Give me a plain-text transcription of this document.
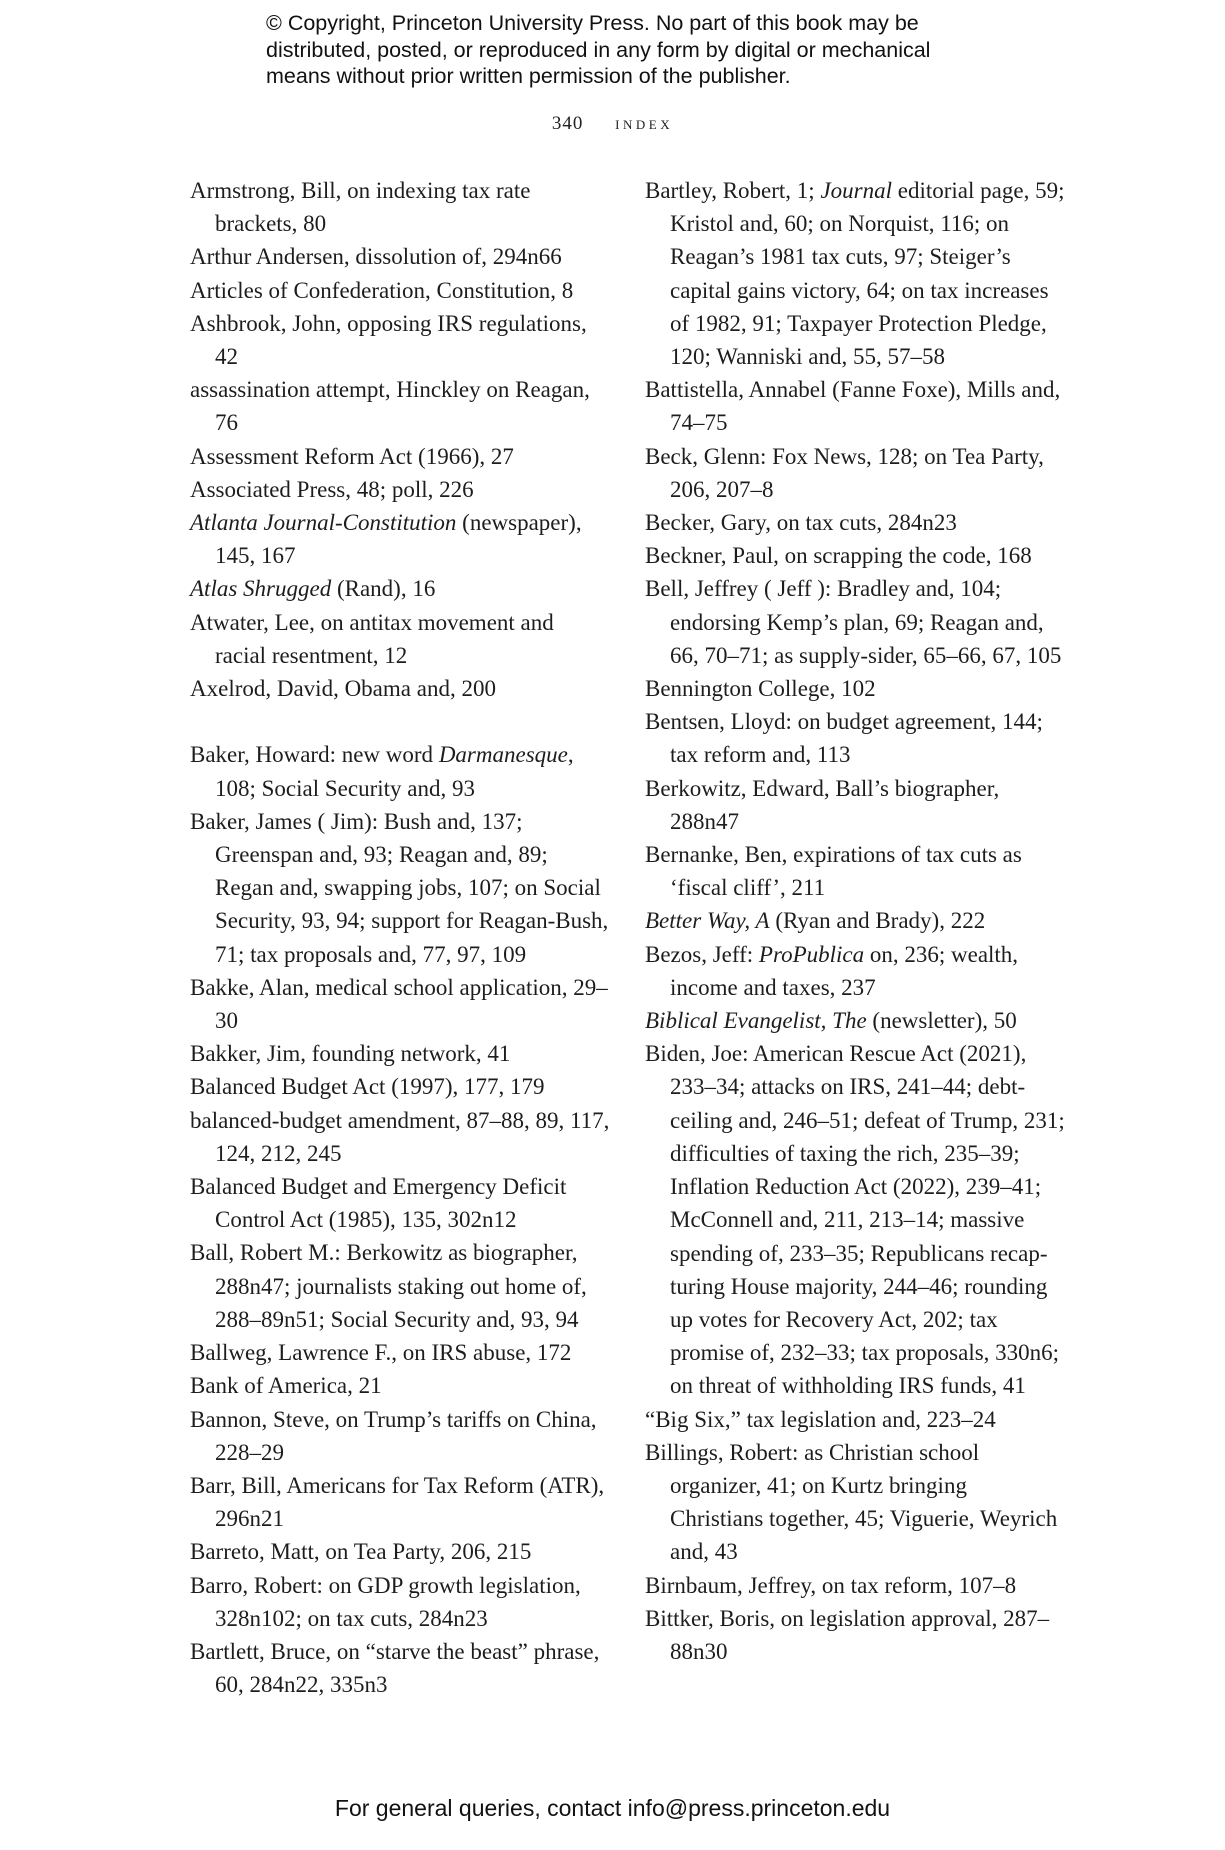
© Copyright, Princeton University Press. No part of this book may be
distributed, posted, or reproduced in any form by digital or mechanical
means without prior written permission of the publisher.
340 index

Armstrong, Bill, on indexing tax rate brackets, 80

Arthur Andersen, dissolution of, 294n66

Articles of Confederation, Constitution, 8

Ashbrook, John, opposing IRS regulations, 42

assassination attempt, Hinckley on Reagan, 76

Assessment Reform Act (1966), 27

Associated Press, 48; poll, 226

Atlanta Journal-Constitution (newspaper), 145, 167

Atlas Shrugged (Rand), 16

Atwater, Lee, on antitax movement and racial resentment, 12

Axelrod, David, Obama and, 200

Baker, Howard: new word Darmanesque, 108; Social Security and, 93

Baker, James ( Jim): Bush and, 137; Greenspan and, 93; Reagan and, 89; Regan and, swapping jobs, 107; on Social Security, 93, 94; support for Reagan-Bush, 71; tax proposals and, 77, 97, 109

Bakke, Alan, medical school application, 29–30

Bakker, Jim, founding network, 41

Balanced Budget Act (1997), 177, 179

balanced-budget amendment, 87–88, 89, 117, 124, 212, 245

Balanced Budget and Emergency Deficit Control Act (1985), 135, 302n12

Ball, Robert M.: Berkowitz as biographer, 288n47; journalists staking out home of, 288–89n51; Social Security and, 93, 94

Ballweg, Lawrence F., on IRS abuse, 172

Bank of America, 21

Bannon, Steve, on Trump’s tariffs on China, 228–29

Barr, Bill, Americans for Tax Reform (ATR), 296n21

Barreto, Matt, on Tea Party, 206, 215

Barro, Robert: on GDP growth legislation, 328n102; on tax cuts, 284n23

Bartlett, Bruce, on “starve the beast” phrase, 60, 284n22, 335n3

Bartley, Robert, 1; Journal editorial page, 59; Kristol and, 60; on Norquist, 116; on Reagan’s 1981 tax cuts, 97; Steiger’s capital gains victory, 64; on tax increases of 1982, 91; Taxpayer Protection Pledge, 120; Wanniski and, 55, 57–58

Battistella, Annabel (Fanne Foxe), Mills and, 74–75

Beck, Glenn: Fox News, 128; on Tea Party, 206, 207–8

Becker, Gary, on tax cuts, 284n23

Beckner, Paul, on scrapping the code, 168

Bell, Jeffrey ( Jeff ): Bradley and, 104; endorsing Kemp’s plan, 69; Reagan and, 66, 70–71; as supply-sider, 65–66, 67, 105

Bennington College, 102

Bentsen, Lloyd: on budget agreement, 144; tax reform and, 113

Berkowitz, Edward, Ball’s biographer, 288n47

Bernanke, Ben, expirations of tax cuts as ‘fiscal cliff’, 211

Better Way, A (Ryan and Brady), 222

Bezos, Jeff: ProPublica on, 236; wealth, income and taxes, 237

Biblical Evangelist, The (newsletter), 50

Biden, Joe: American Rescue Act (2021), 233–34; attacks on IRS, 241–44; debt-ceiling and, 246–51; defeat of Trump, 231; difficulties of taxing the rich, 235–39; Inflation Reduction Act (2022), 239–41; McConnell and, 211, 213–14; massive spending of, 233–35; Republicans recapturing House majority, 244–46; rounding up votes for Recovery Act, 202; tax promise of, 232–33; tax proposals, 330n6; on threat of withholding IRS funds, 41

“Big Six,” tax legislation and, 223–24

Billings, Robert: as Christian school organizer, 41; on Kurtz bringing Christians together, 45; Viguerie, Weyrich and, 43

Birnbaum, Jeffrey, on tax reform, 107–8

Bittker, Boris, on legislation approval, 287–88n30

For general queries, contact info@press.princeton.edu
